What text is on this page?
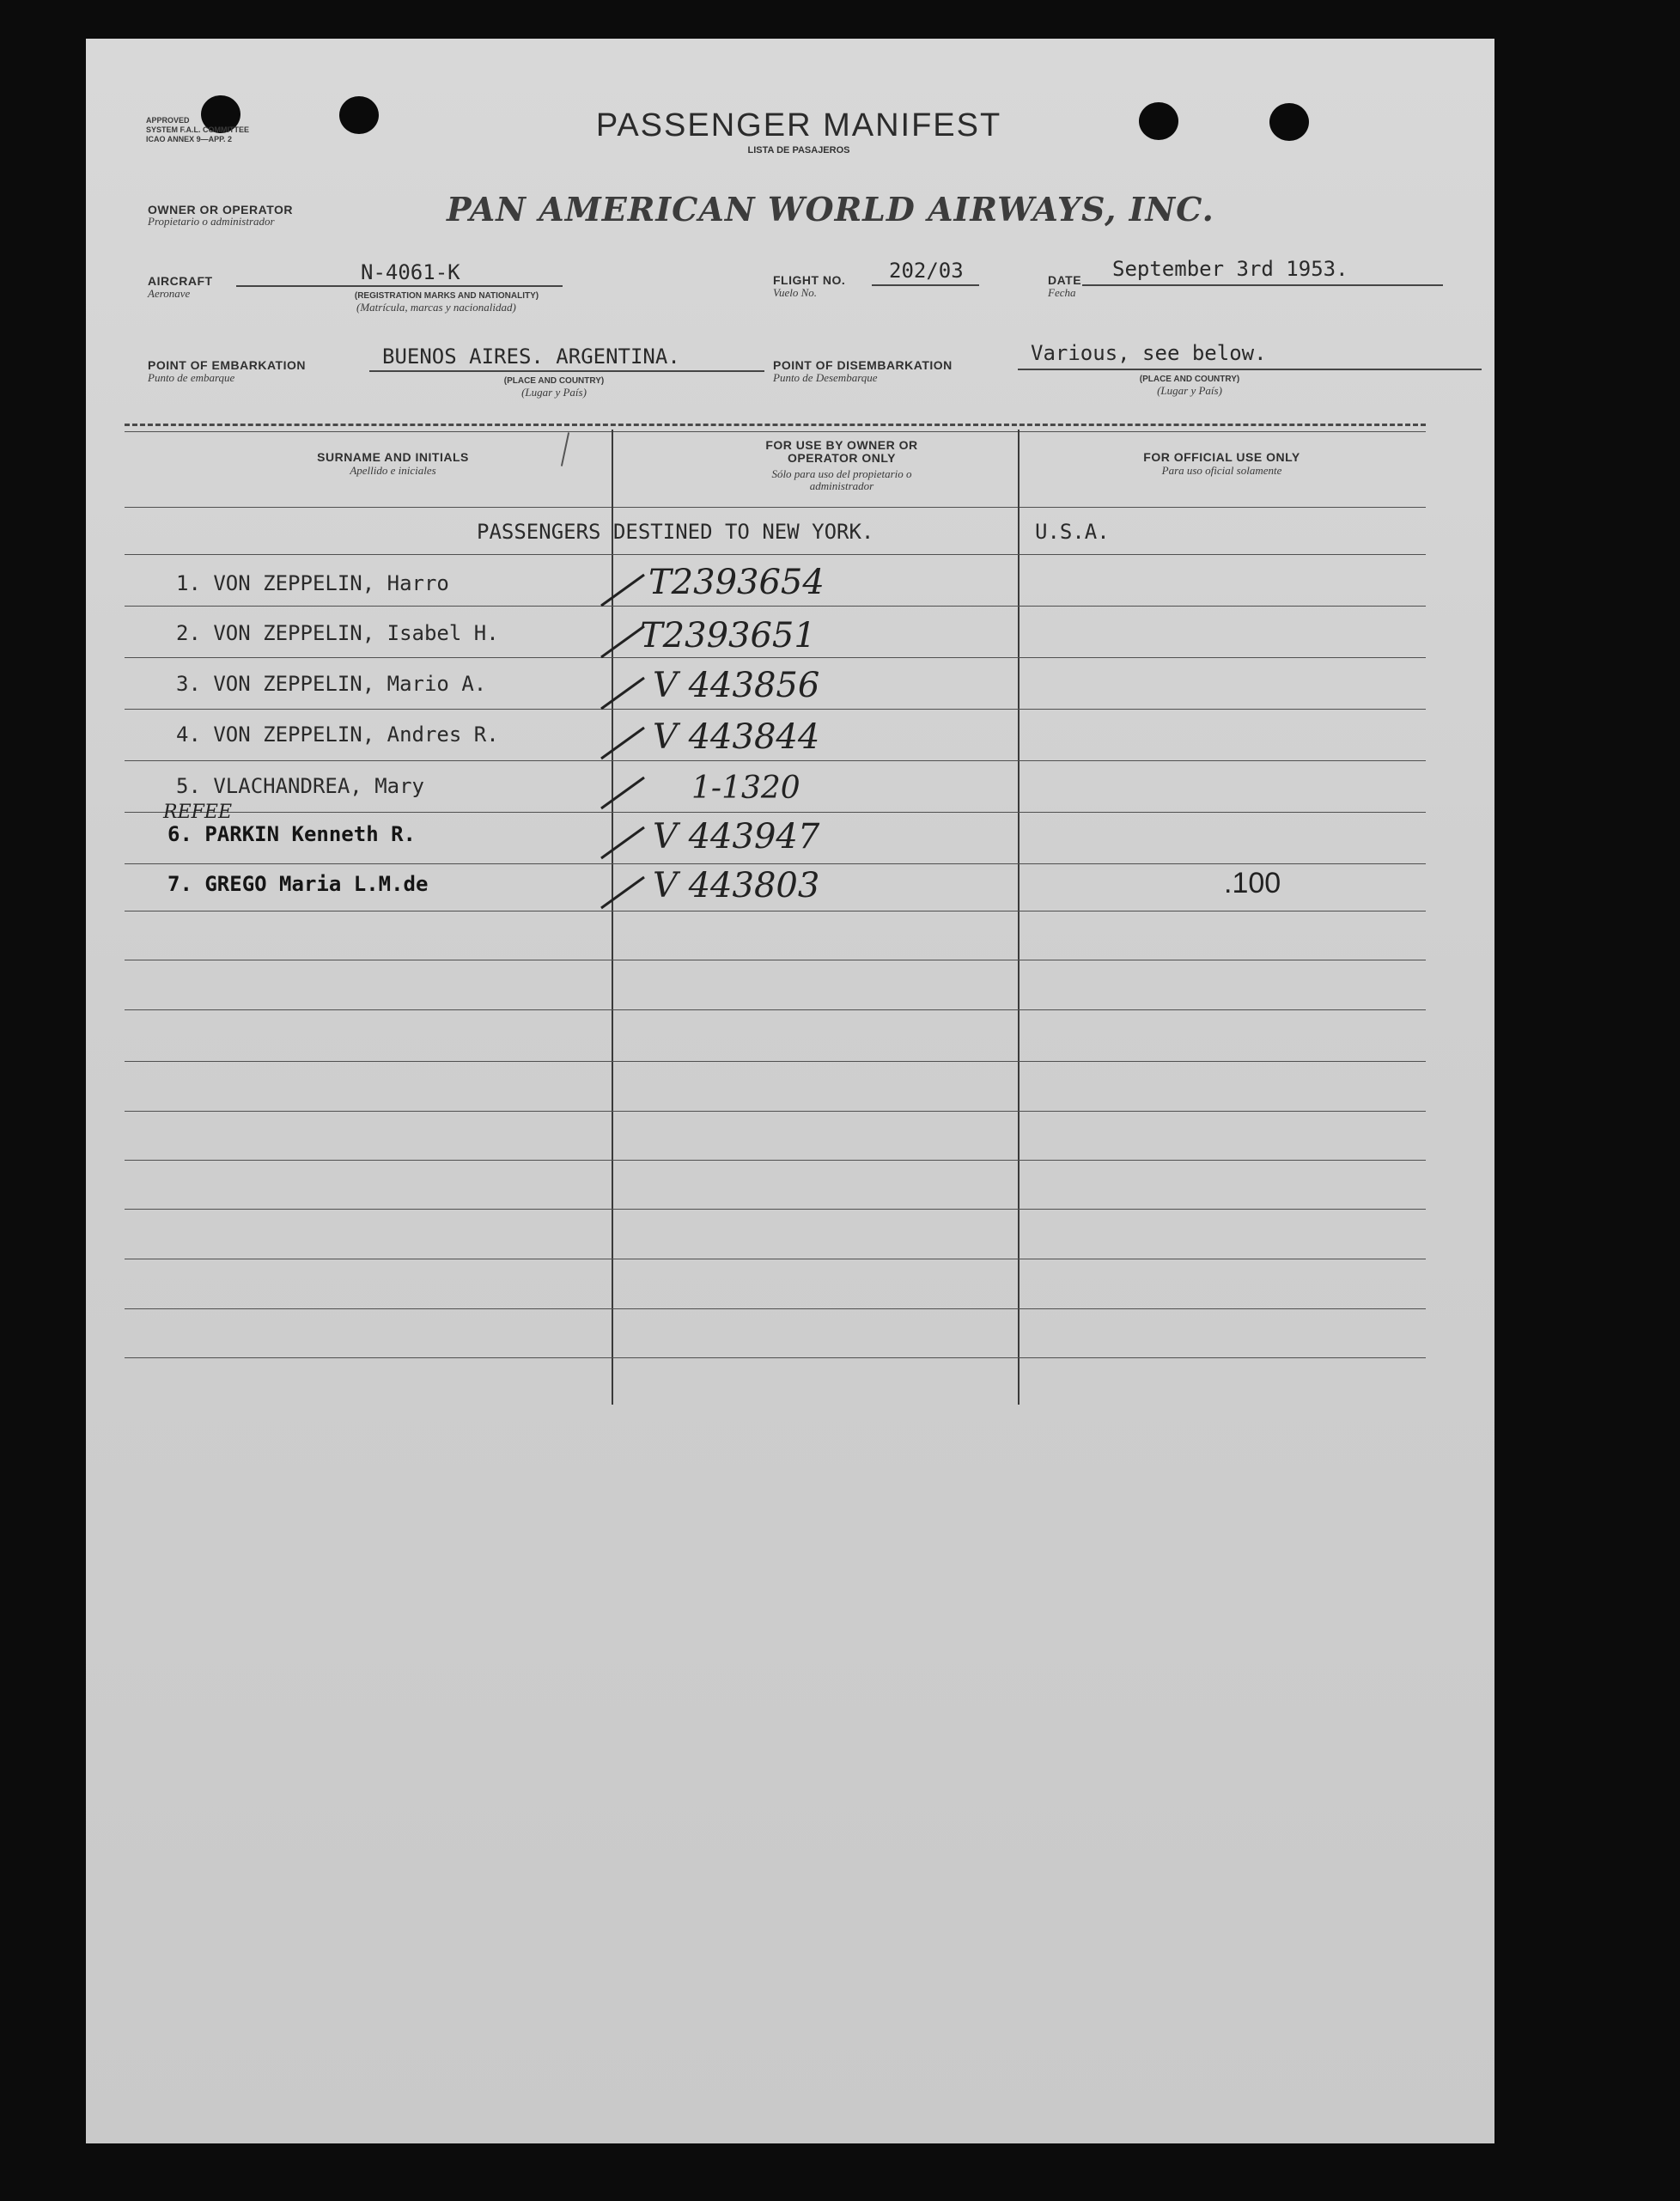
APPROVED
SYSTEM F.A.L. COMMITTEE
ICAO ANNEX 9—APP. 2	PASSENGER MANIFEST
LISTA DE PASAJEROS
OWNER OR OPERATOR
Propietario o administrador	PAN AMERICAN WORLD AIRWAYS, INC.
AIRCRAFT
Aeronave
N-4061-K
(REGISTRATION MARKS AND NATIONALITY)
(Matrícula, marcas y nacionalidad)
FLIGHT NO.
Vuelo No.
202/03	DATE
Fecha
September 3rd 1953.
POINT OF EMBARKATION
Punto de embarque
BUENOS AIRES. ARGENTINA.
(PLACE AND COUNTRY)
(Lugar y País)
POINT OF DISEMBARKATION
Punto de Desembarque
Various, see below.
(PLACE AND COUNTRY)
(Lugar y País)
SURNAME AND INITIALS
Apellido e iniciales
FOR USE BY OWNER OR OPERATOR ONLY
Sólo para uso del propietario o administrador
FOR OFFICIAL USE ONLY
Para uso oficial solamente
PASSENGERS DESTINED TO NEW YORK.	U.S.A.
1. VON ZEPPELIN, Harro	T2393654
2. VON ZEPPELIN, Isabel H.	T2393651
3. VON ZEPPELIN, Mario A.	V 443856
4. VON ZEPPELIN, Andres R.	V 443844
5. VLACHANDREA, Mary	1-1320
REFEE
6. PARKIN Kenneth R.	V 443947
7. GREGO Maria L.M.de	V 443803	.100
